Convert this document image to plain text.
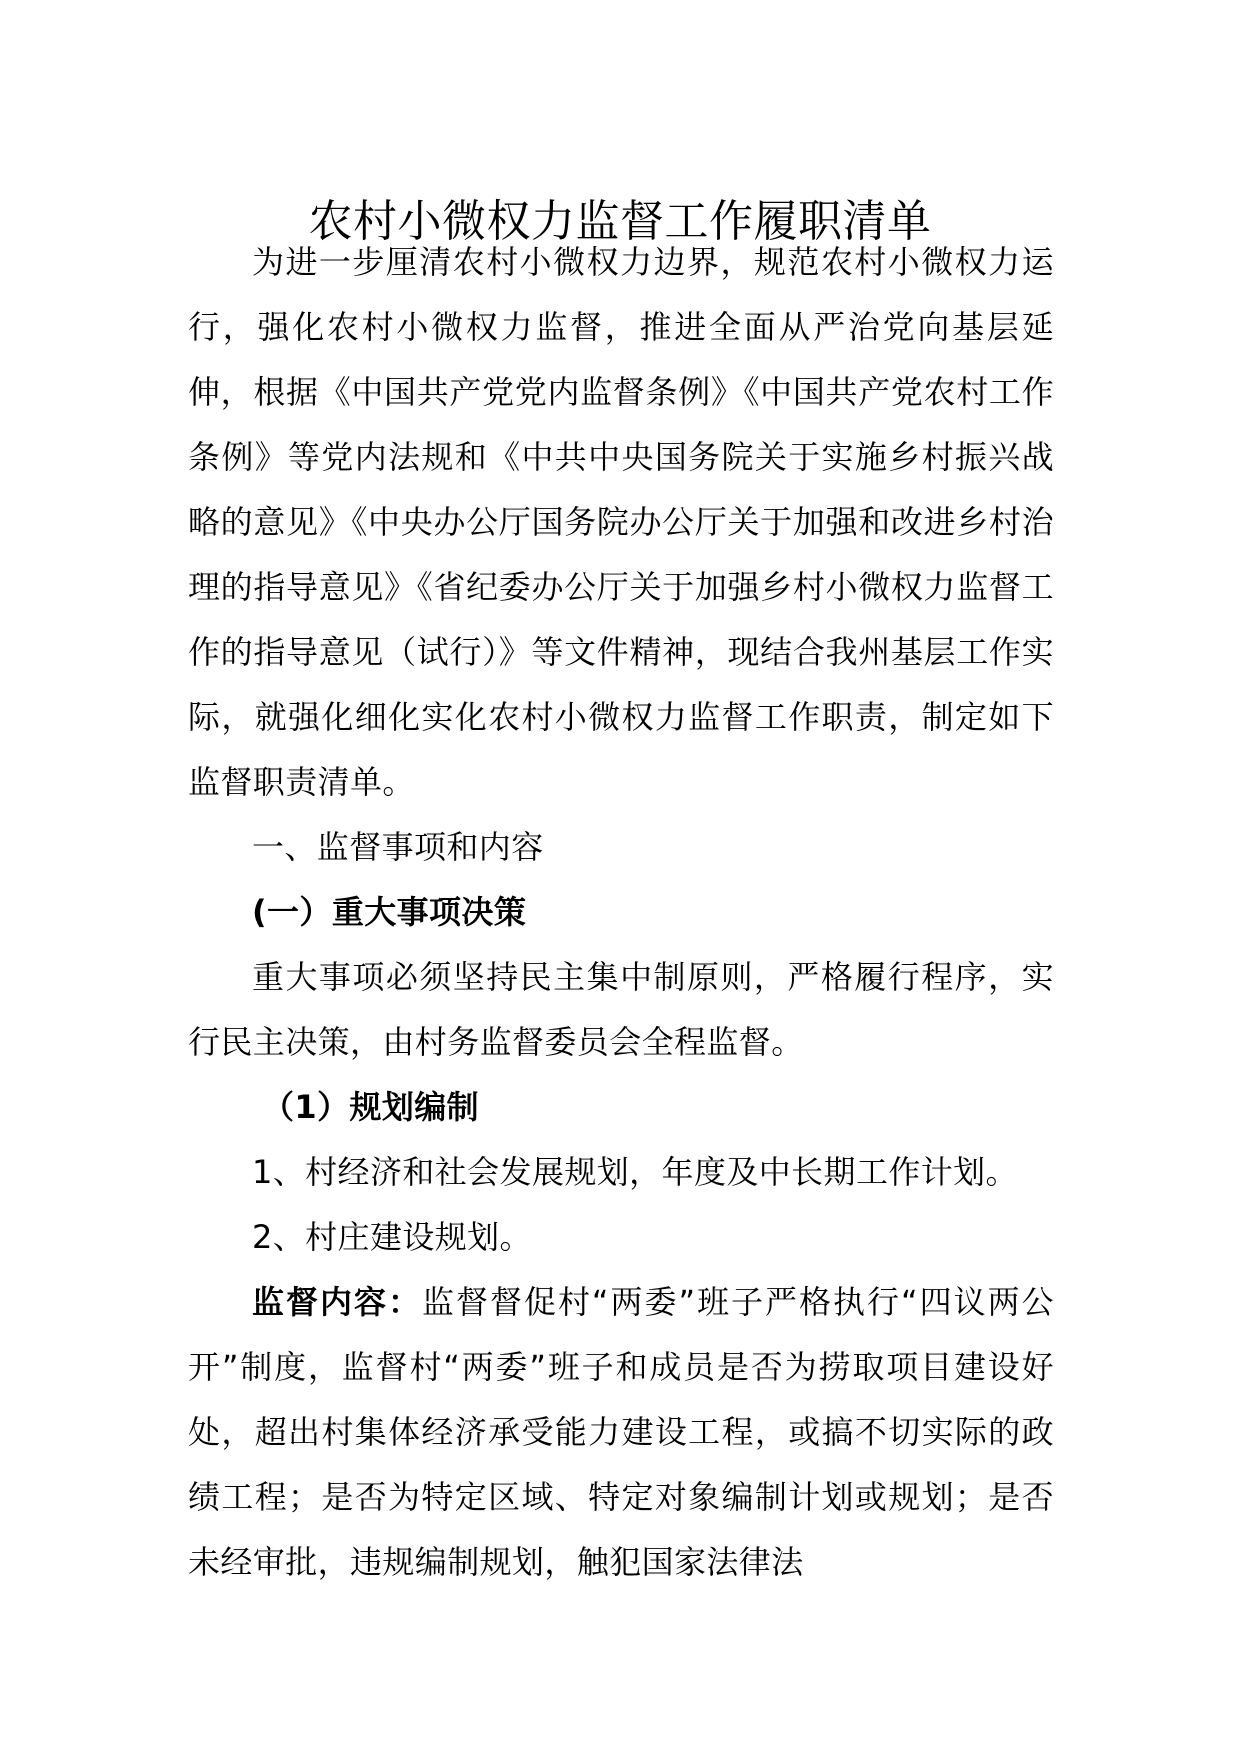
农村小微权力监督工作履职清单

为进一步厘清农村小微权力边界，规范农村小微权力运行，强化农村小微权力监督，推进全面从严治党向基层延伸，根据《中国共产党党内监督条例》《中国共产党农村工作条例》等党内法规和《中共中央国务院关于实施乡村振兴战略的意见》《中央办公厅国务院办公厅关于加强和改进乡村治理的指导意见》《省纪委办公厅关于加强乡村小微权力监督工作的指导意见（试行）》等文件精神，现结合我州基层工作实际，就强化细化实化农村小微权力监督工作职责，制定如下监督职责清单。

一、监督事项和内容

(一）重大事项决策

重大事项必须坚持民主集中制原则，严格履行程序，实行民主决策，由村务监督委员会全程监督。

（1）规划编制

1、村经济和社会发展规划，年度及中长期工作计划。

2、村庄建设规划。

监督内容：监督督促村“两委”班子严格执行“四议两公开”制度，监督村“两委”班子和成员是否为捞取项目建设好处，超出村集体经济承受能力建设工程，或搞不切实际的政绩工程；是否为特定区域、特定对象编制计划或规划；是否未经审批，违规编制规划，触犯国家法律法
